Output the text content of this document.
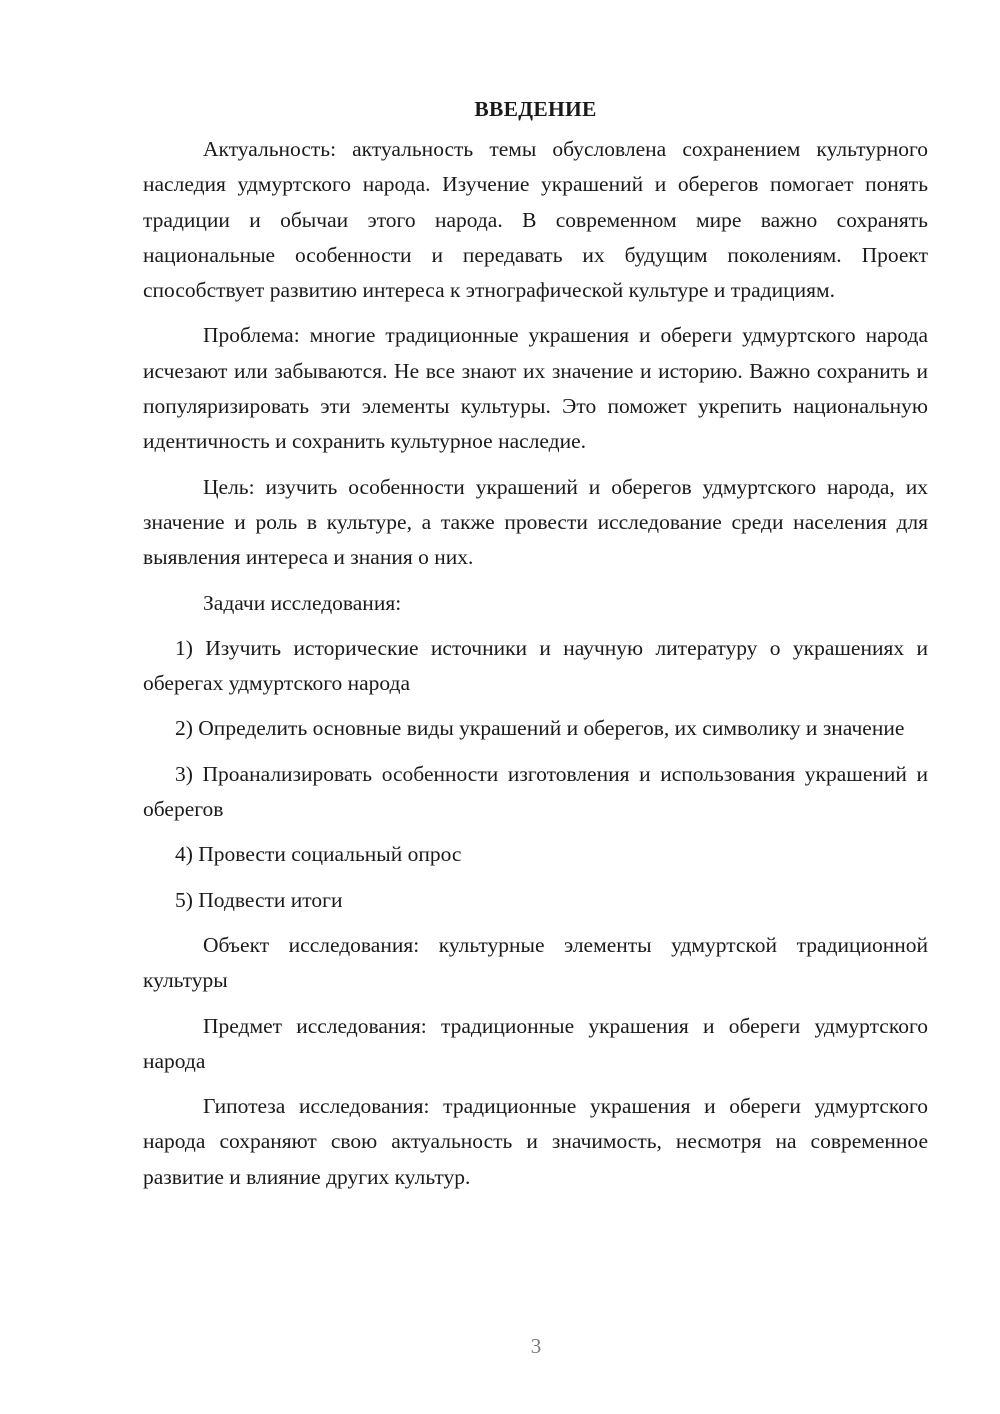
ВВЕДЕНИЕ

Актуальность: актуальность темы обусловлена сохранением культурного наследия удмуртского народа. Изучение украшений и оберегов помогает понять традиции и обычаи этого народа. В современном мире важно сохранять национальные особенности и передавать их будущим поколениям. Проект способствует развитию интереса к этнографической культуре и традициям.

Проблема: многие традиционные украшения и обереги удмуртского народа исчезают или забываются. Не все знают их значение и историю. Важно сохранить и популяризировать эти элементы культуры. Это поможет укрепить национальную идентичность и сохранить культурное наследие.

Цель: изучить особенности украшений и оберегов удмуртского народа, их значение и роль в культуре, а также провести исследование среди населения для выявления интереса и знания о них.

Задачи исследования:

1) Изучить исторические источники и научную литературу о украшениях и оберегах удмуртского народа

2) Определить основные виды украшений и оберегов, их символику и значение

3) Проанализировать особенности изготовления и использования украшений и оберегов

4) Провести социальный опрос

5) Подвести итоги

Объект исследования: культурные элементы удмуртской традиционной культуры

Предмет исследования: традиционные украшения и обереги удмуртского народа

Гипотеза исследования: традиционные украшения и обереги удмуртского народа сохраняют свою актуальность и значимость, несмотря на современное развитие и влияние других культур.

3
